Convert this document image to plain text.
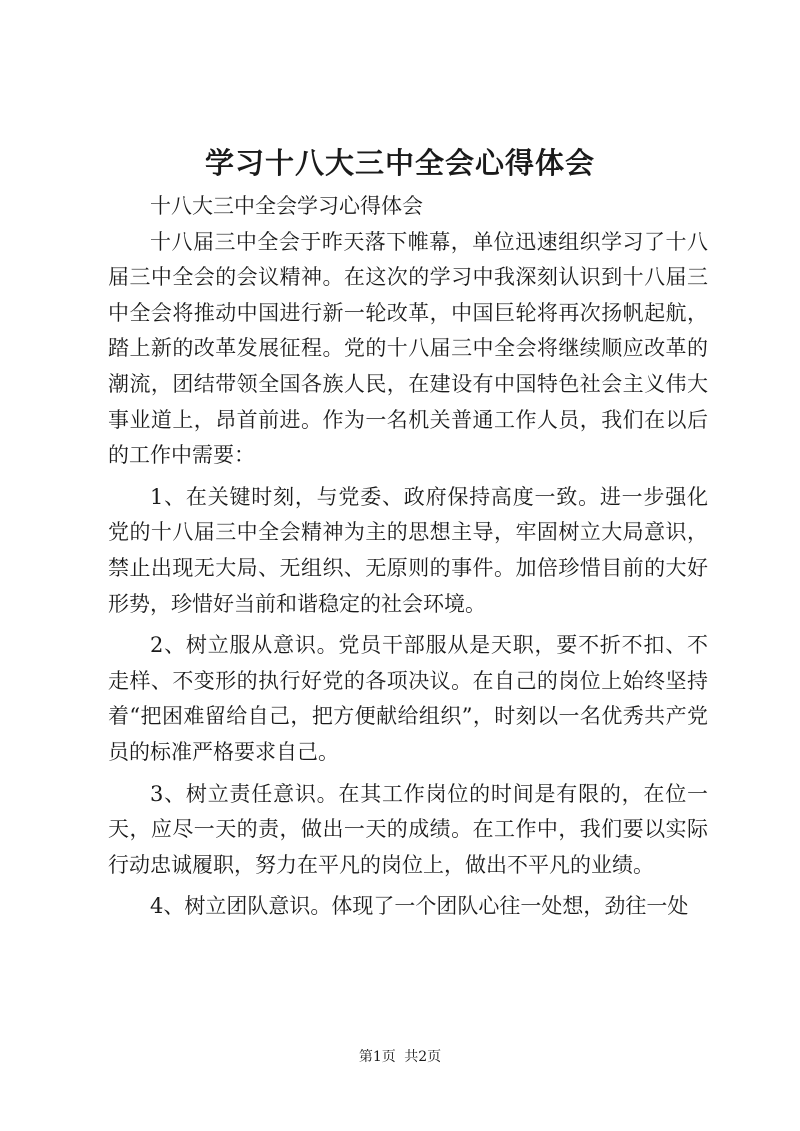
学习十八大三中全会心得体会

十八大三中全会学习心得体会

十八届三中全会于昨天落下帷幕，单位迅速组织学习了十八届三中全会的会议精神。在这次的学习中我深刻认识到十八届三中全会将推动中国进行新一轮改革，中国巨轮将再次扬帆起航，踏上新的改革发展征程。党的十八届三中全会将继续顺应改革的潮流，团结带领全国各族人民，在建设有中国特色社会主义伟大事业道上，昂首前进。作为一名机关普通工作人员，我们在以后的工作中需要：

1、在关键时刻，与党委、政府保持高度一致。进一步强化党的十八届三中全会精神为主的思想主导，牢固树立大局意识，禁止出现无大局、无组织、无原则的事件。加倍珍惜目前的大好形势，珍惜好当前和谐稳定的社会环境。

2、树立服从意识。党员干部服从是天职，要不折不扣、不走样、不变形的执行好党的各项决议。在自己的岗位上始终坚持着“把困难留给自己，把方便献给组织”，时刻以一名优秀共产党员的标准严格要求自己。

3、树立责任意识。在其工作岗位的时间是有限的，在位一天，应尽一天的责，做出一天的成绩。在工作中，我们要以实际行动忠诚履职，努力在平凡的岗位上，做出不平凡的业绩。

4、树立团队意识。体现了一个团队心往一处想，劲往一处

第1页 共2页
